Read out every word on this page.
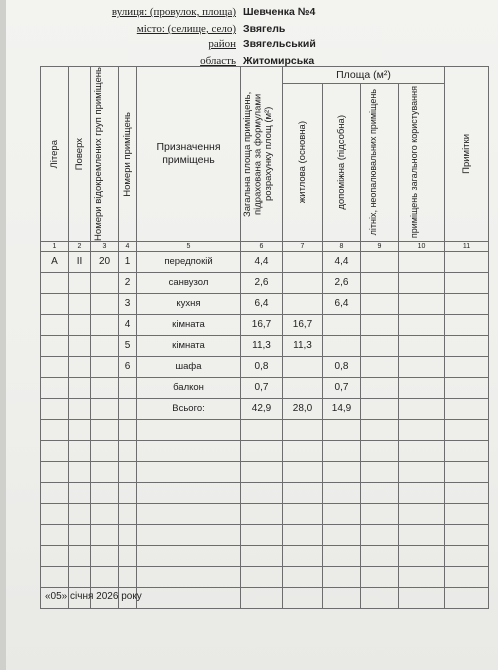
вулиця: (провулок, площа) Шевченка №4
місто: (селище, село) Звягель
район Звягельський
область Житомирська
Літера	Поверх	Номери відокремлених груп приміщень	Номери приміщень	Призначення приміщень	Загальна площа приміщень, підрахована за формулами розрахунку площ (м²)	Площа (м²)				Примітки

						житлова (основна)	допоміжна (підсобна)	літніх, неопалювальних приміщень	приміщень загального користування	

1	2	3	4	5	6	7	8	9	10	11
А	II	20	1	передпокій	4,4		4,4			
			2	санвузол	2,6		2,6			
			3	кухня	6,4		6,4			
			4	кімната	16,7	16,7				
			5	кімната	11,3	11,3				
			6	шафа	0,8		0,8			
				балкон	0,7		0,7			
				Всього:	42,9	28,0	14,9			

«05» січня 2026 року
